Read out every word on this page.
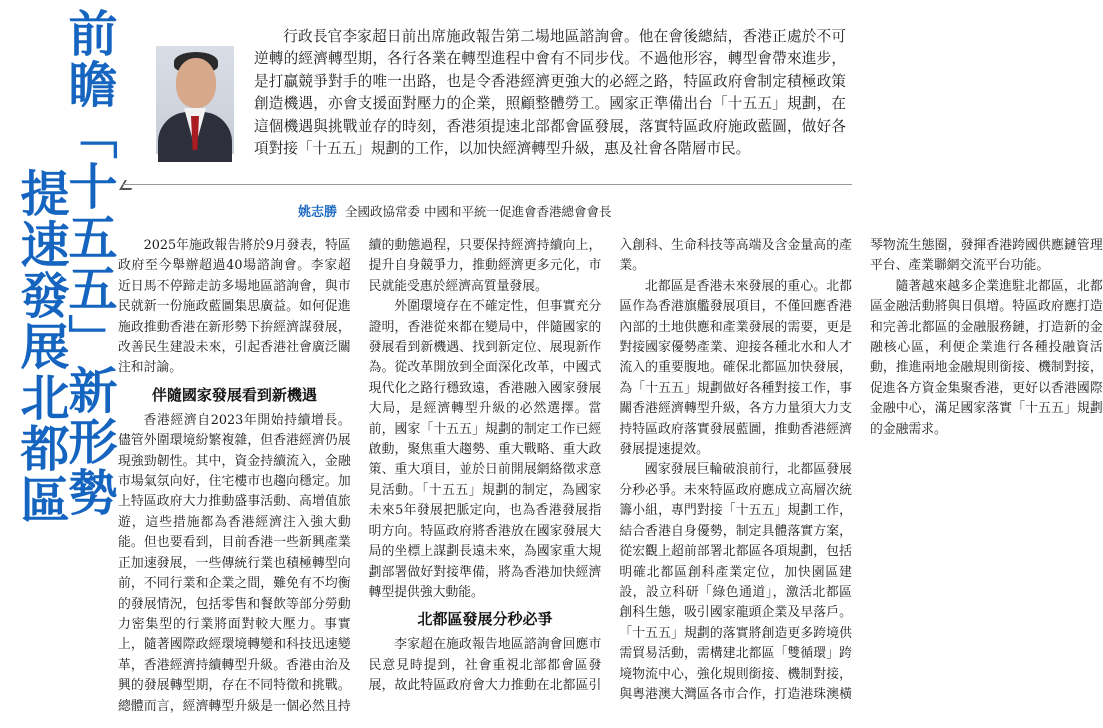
前瞻「十五五」新形勢
提速發展北都區

行政長官李家超日前出席施政報告第二場地區諮詢會。他在會後總結，香港正處於不可逆轉的經濟轉型期，各行各業在轉型進程中會有不同步伐。不過他形容，轉型會帶來進步，是打贏競爭對手的唯一出路，也是令香港經濟更強大的必經之路，特區政府會制定積極政策創造機遇，亦會支援面對壓力的企業，照顧整體勞工。國家正準備出台「十五五」規劃，在這個機遇與挑戰並存的時刻，香港須提速北部都會區發展，落實特區政府施政藍圖，做好各項對接「十五五」規劃的工作，以加快經濟轉型升級，惠及社會各階層市民。

姚志勝 全國政協常委 中國和平統一促進會香港總會會長

2025年施政報告將於9月發表，特區政府至今舉辦超過40場諮詢會。李家超近日馬不停蹄走訪多場地區諮詢會，與市民就新一份施政藍圖集思廣益。如何促進施政推動香港在新形勢下拚經濟謀發展，改善民生建設未來，引起香港社會廣泛關注和討論。

伴隨國家發展看到新機遇

香港經濟自2023年開始持續增長。儘管外圍環境紛繁複雜，但香港經濟仍展現強勁韌性。其中，資金持續流入，金融市場氣氛向好，住宅樓市也趨向穩定。加上特區政府大力推動盛事活動、高增值旅遊，這些措施都為香港經濟注入強大動能。但也要看到，目前香港一些新興產業正加速發展，一些傳統行業也積極轉型向前，不同行業和企業之間，難免有不均衡的發展情況，包括零售和餐飲等部分勞動力密集型的行業將面對較大壓力。事實上，隨著國際政經環境轉變和科技迅速變革，香港經濟持續轉型升級。香港由治及興的發展轉型期，存在不同特徵和挑戰。總體而言，經濟轉型升級是一個必然且持續的動態過程，只要保持經濟持續向上，提升自身競爭力，推動經濟更多元化，市民就能受惠於經濟高質量發展。

外圍環境存在不確定性，但事實充分證明，香港從來都在變局中，伴隨國家的發展看到新機遇、找到新定位、展現新作為。從改革開放到全面深化改革，中國式現代化之路行穩致遠，香港融入國家發展大局，是經濟轉型升級的必然選擇。當前，國家「十五五」規劃的制定工作已經啟動，聚焦重大趨勢、重大戰略、重大政策、重大項目，並於日前開展網絡徵求意見活動。「十五五」規劃的制定，為國家未來5年發展把脈定向，也為香港發展指明方向。特區政府將香港放在國家發展大局的坐標上謀劃長遠未來，為國家重大規劃部署做好對接準備，將為香港加快經濟轉型提供強大動能。

北都區發展分秒必爭

李家超在施政報告地區諮詢會回應市民意見時提到，社會重視北部都會區發展，故此特區政府會大力推動在北都區引入創科、生命科技等高端及含金量高的產業。

北都區是香港未來發展的重心。北都區作為香港旗艦發展項目，不僅回應香港內部的土地供應和產業發展的需要，更是對接國家優勢產業、迎接各種北水和人才流入的重要腹地。確保北都區加快發展，為「十五五」規劃做好各種對接工作，事關香港經濟轉型升級，各方力量須大力支持特區政府落實發展藍圖，推動香港經濟發展提速提效。

國家發展巨輪破浪前行，北都區發展分秒必爭。未來特區政府應成立高層次統籌小組，專門對接「十五五」規劃工作，結合香港自身優勢，制定具體落實方案，從宏觀上超前部署北都區各項規劃，包括明確北都區創科產業定位，加快園區建設，設立科研「綠色通道」，激活北都區創科生態，吸引國家龍頭企業及早落戶。「十五五」規劃的落實將創造更多跨境供需貿易活動，需構建北都區「雙循環」跨境物流中心，強化規則銜接、機制對接，與粵港澳大灣區各市合作，打造港珠澳橫琴物流生態圈，發揮香港跨國供應鏈管理平台、產業聯網交流平台功能。

隨著越來越多企業進駐北都區，北都區金融活動將與日俱增。特區政府應打造和完善北都區的金融服務鏈，打造新的金融核心區，利便企業進行各種投融資活動，推進兩地金融規則銜接、機制對接，促進各方資金集聚香港，更好以香港國際金融中心，滿足國家落實「十五五」規劃的金融需求。
